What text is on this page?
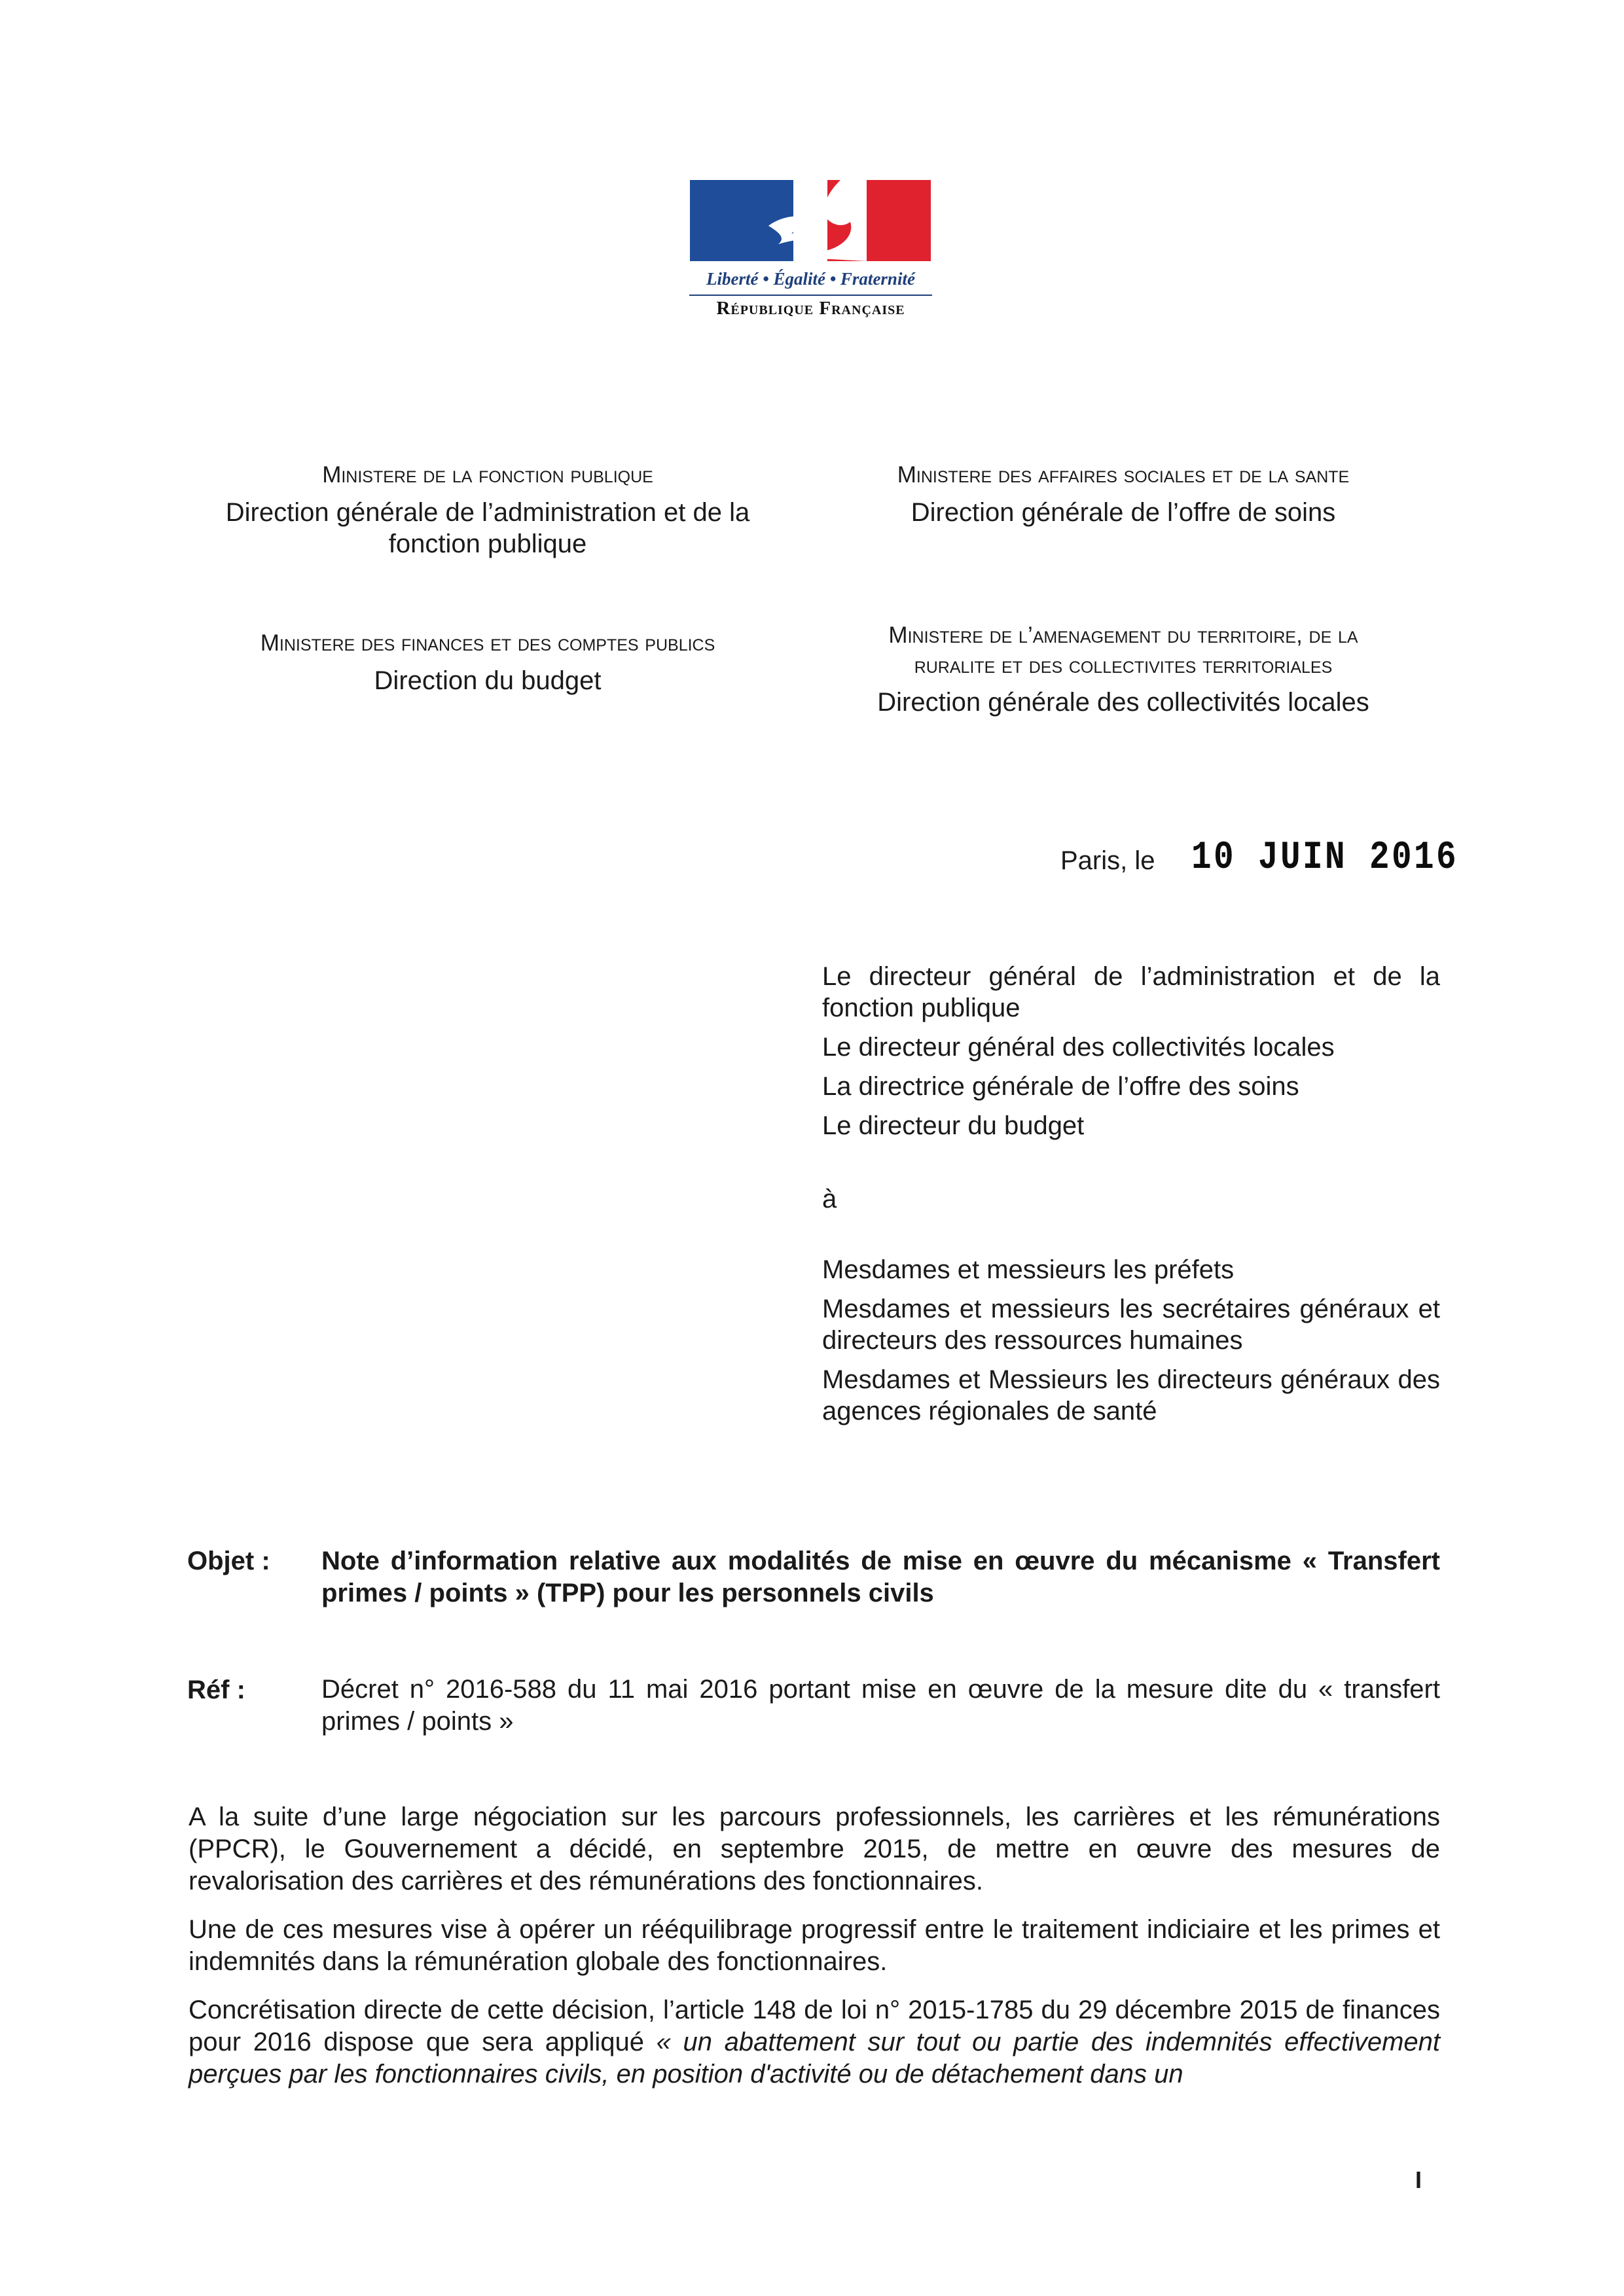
Liberté • Égalité • Fraternité
République Française

Ministere de la fonction publique

Direction générale de l’administration et de la fonction publique

Ministere des affaires sociales et de la sante

Direction générale de l’offre de soins

Ministere des finances et des comptes publics

Direction du budget

Ministere de l’amenagement du territoire, de la ruralite et des collectivites territoriales

Direction générale des collectivités locales

Paris, le 10 JUIN 2016

Le directeur général de l’administration et de la fonction publique

Le directeur général des collectivités locales

La directrice générale de l’offre des soins

Le directeur du budget

à

Mesdames et messieurs les préfets

Mesdames et messieurs les secrétaires généraux et directeurs des ressources humaines

Mesdames et Messieurs les directeurs généraux des agences régionales de santé

Objet : Note d’information relative aux modalités de mise en œuvre du mécanisme « Transfert primes / points » (TPP) pour les personnels civils
Réf :	Décret n° 2016-588 du 11 mai 2016 portant mise en œuvre de la mesure dite du « transfert primes / points »

A la suite d’une large négociation sur les parcours professionnels, les carrières et les rémunérations (PPCR), le Gouvernement a décidé, en septembre 2015, de mettre en œuvre des mesures de revalorisation des carrières et des rémunérations des fonctionnaires.

Une de ces mesures vise à opérer un rééquilibrage progressif entre le traitement indiciaire et les primes et indemnités dans la rémunération globale des fonctionnaires.

Concrétisation directe de cette décision, l’article 148 de loi n° 2015-1785 du 29 décembre 2015 de finances pour 2016 dispose que sera appliqué « un abattement sur tout ou partie des indemnités effectivement perçues par les fonctionnaires civils, en position d'activité ou de détachement dans un

I
